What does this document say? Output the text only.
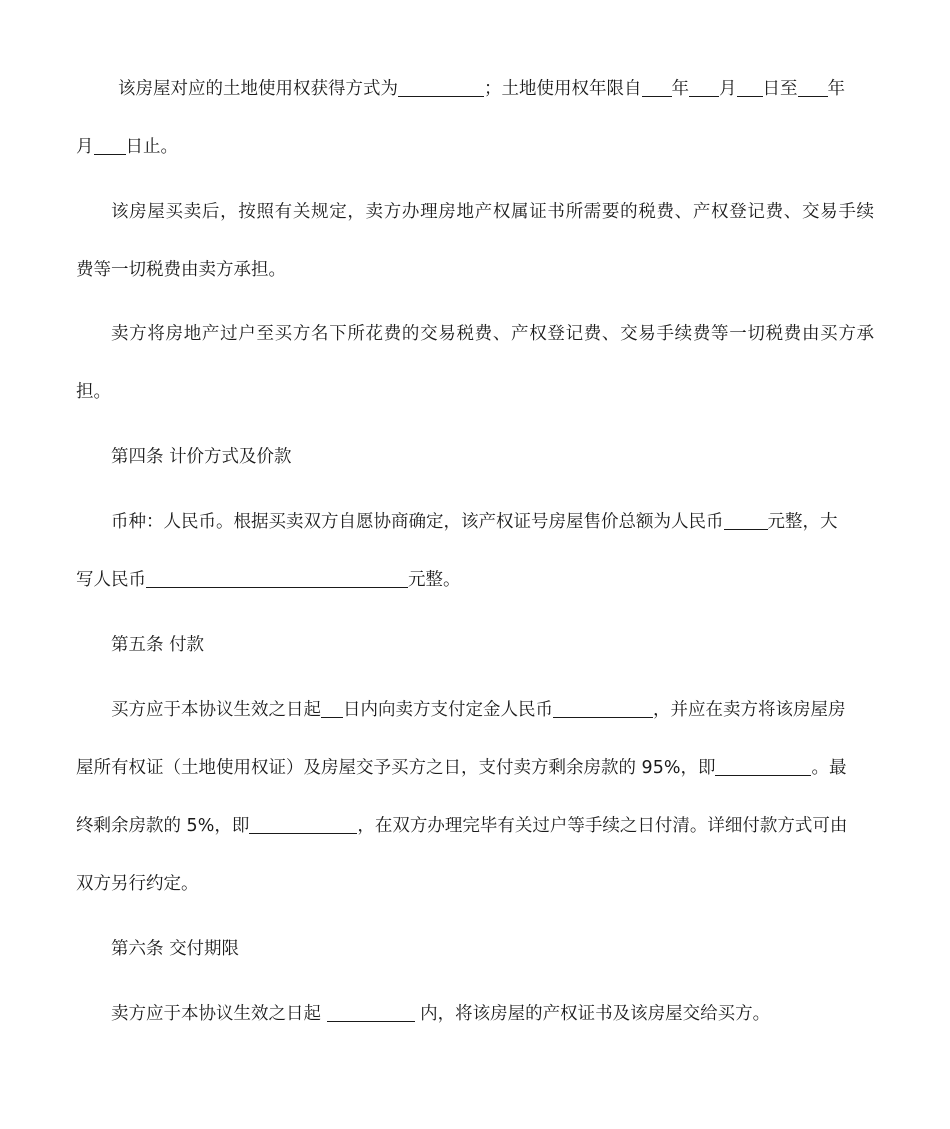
该房屋对应的土地使用权获得方式为	；土地使用权年限自 年 月 日至 年
月 日止。
该房屋买卖后，按照有关规定，卖方办理房地产权属证书所需要的税费、产权登记费、交易手续
费等一切税费由卖方承担。
卖方将房地产过户至买方名下所花费的交易税费、产权登记费、交易手续费等一切税费由买方承
担。
第四条 计价方式及价款
币种：人民币。根据买卖双方自愿协商确定，该产权证号房屋售价总额为人民币	元整，大
写人民币	元整。
第五条 付款
买方应于本协议生效之日起 日内向卖方支付定金人民币	，并应在卖方将该房屋房
屋所有权证（土地使用权证）及房屋交予买方之日，支付卖方剩余房款的 95%，即	。最
终剩余房款的 5%，即	，在双方办理完毕有关过户等手续之日付清。详细付款方式可由
双方另行约定。
第六条 交付期限
卖方应于本协议生效之日起	内，将该房屋的产权证书及该房屋交给买方。
